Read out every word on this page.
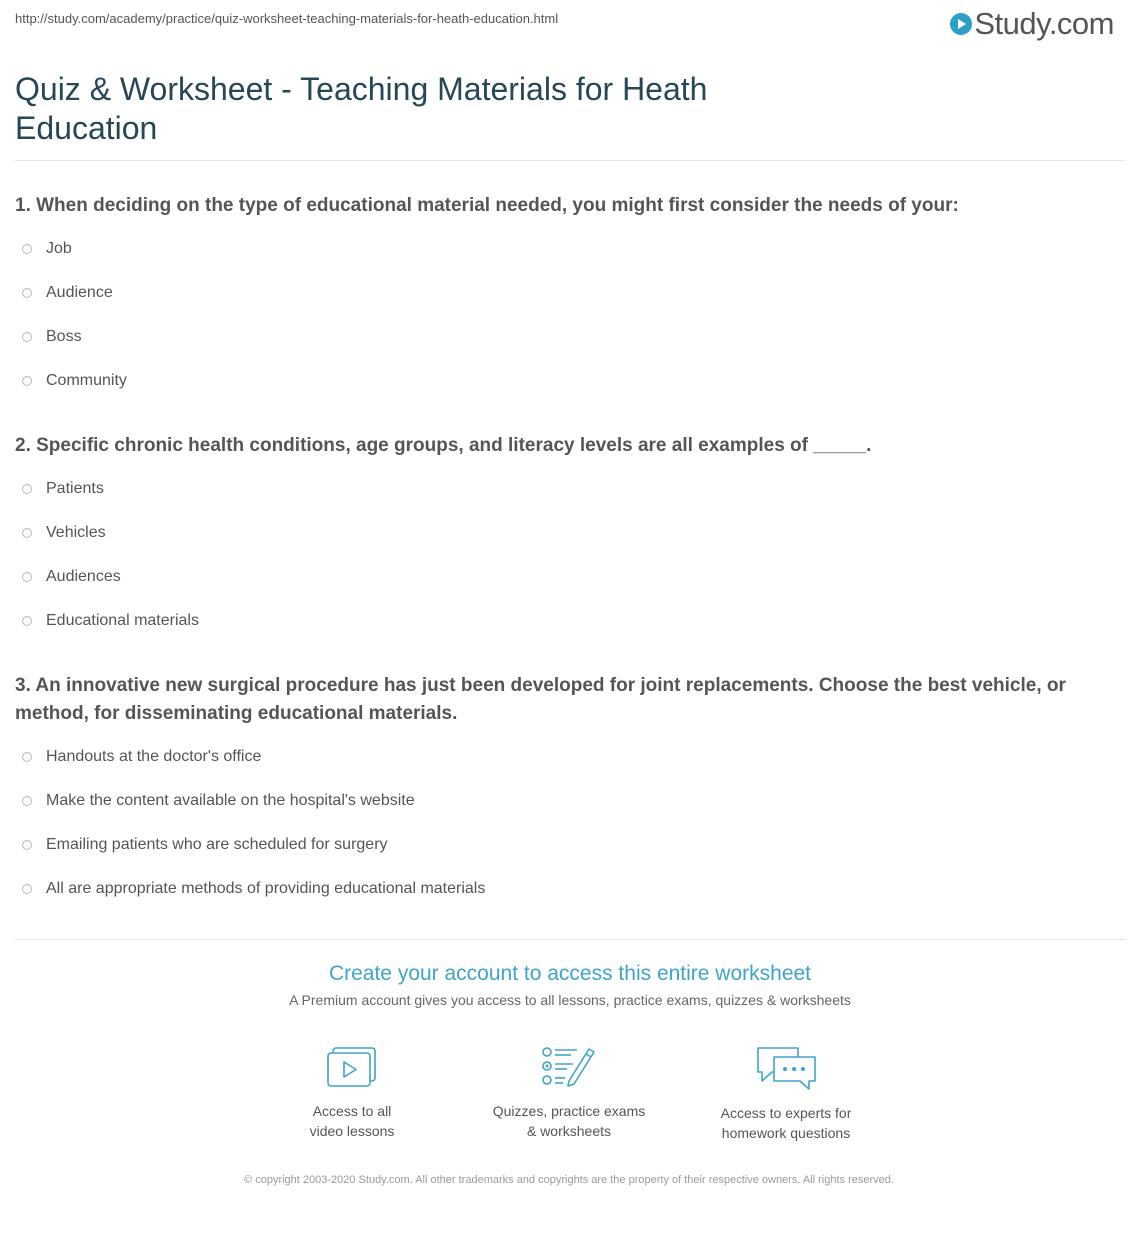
http://study.com/academy/practice/quiz-worksheet-teaching-materials-for-heath-education.html	Study.com
Quiz & Worksheet - Teaching Materials for Heath Education
1. When deciding on the type of educational material needed, you might first consider the needs of your:
Job
Audience
Boss
Community
2. Specific chronic health conditions, age groups, and literacy levels are all examples of _____.
Patients
Vehicles
Audiences
Educational materials
3. An innovative new surgical procedure has just been developed for joint replacements. Choose the best vehicle, or method, for disseminating educational materials.
Handouts at the doctor's office
Make the content available on the hospital's website
Emailing patients who are scheduled for surgery
All are appropriate methods of providing educational materials
Create your account to access this entire worksheet
A Premium account gives you access to all lessons, practice exams, quizzes & worksheets
Access to all
video lessons
Quizzes, practice exams
& worksheets
Access to experts for
homework questions
© copyright 2003-2020 Study.com. All other trademarks and copyrights are the property of their respective owners. All rights reserved.
